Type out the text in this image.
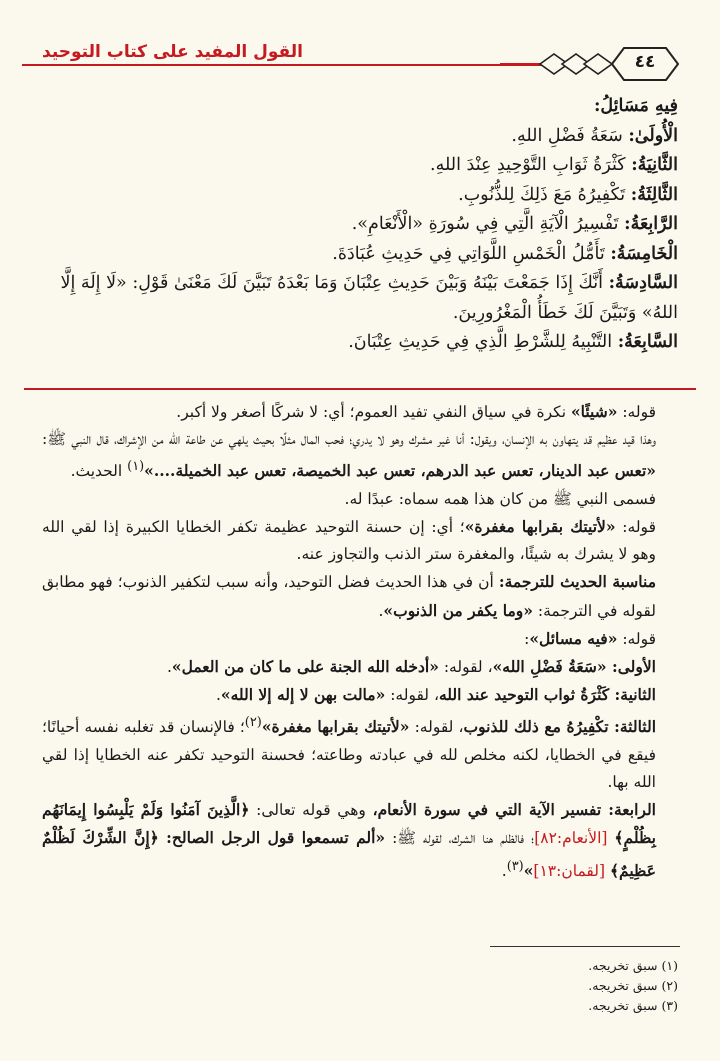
القول المفيد على كتاب التوحيد	٤٤

فِيهِ مَسَائِلُ:

الْأُولَىٰ: سَعَةُ فَضْلِ اللهِ.

الثَّانِيَةُ: كَثْرَةُ ثَوَابِ التَّوْحِيدِ عِنْدَ اللهِ.

الثَّالِثَةُ: تَكْفِيرُهُ مَعَ ذَلِكَ لِلذُّنُوبِ.

الرَّابِعَةُ: تَفْسِيرُ الْآيَةِ الَّتِي فِي سُورَةِ «الْأَنْعَامِ».

الْخَامِسَةُ: تَأَمُّلُ الْخَمْسِ اللَّوَاتِي فِي حَدِيثِ عُبَادَةَ.

السَّادِسَةُ: أَنَّكَ إِذَا جَمَعْتَ بَيْنَهُ وَبَيْنَ حَدِيثِ عِتْبَانَ وَمَا بَعْدَهُ تَبَيَّنَ لَكَ مَعْنَىٰ قَوْلِ: «لَا إِلَهَ إِلَّا اللهُ» وَتَبَيَّنَ لَكَ خَطَأُ الْمَغْرُورِينَ.

السَّابِعَةُ: التَّنْبِيهُ لِلشَّرْطِ الَّذِي فِي حَدِيثِ عِتْبَانَ.

قوله: «شيئًا» نكرة في سياق النفي تفيد العموم؛ أي: لا شركًا أصغر ولا أكبر.

وهذا قيد عظيم قد يتهاون به الإنسان، ويقول: أنا غير مشرك وهو لا يدري؛ فحب المال مثلًا بحيث يلهي عن طاعة الله من الإشراك، قال النبي ﷺ: «تعس عبد الدينار، تعس عبد الدرهم، تعس عبد الخميصة، تعس عبد الخميلة....»$^{(١)}$ الحديث.

فسمى النبي ﷺ من كان هذا همه سماه: عبدًا له.

قوله: «لأتيتك بقرابها مغفرة»؛ أي: إن حسنة التوحيد عظيمة تكفر الخطايا الكبيرة إذا لقي الله وهو لا يشرك به شيئًا، والمغفرة ستر الذنب والتجاوز عنه.

مناسبة الحديث للترجمة: أن في هذا الحديث فضل التوحيد، وأنه سبب لتكفير الذنوب؛ فهو مطابق لقوله في الترجمة: «وما يكفر من الذنوب».

قوله: «فيه مسائل»:

الأولى: «سَعَةُ فَضْلِ الله»، لقوله: «أدخله الله الجنة على ما كان من العمل».

الثانية: كَثْرَةُ ثواب التوحيد عند الله، لقوله: «مالت بهن لا إله إلا الله».

الثالثة: تكْفِيرُهُ مع ذلك للذنوب، لقوله: «لأتيتك بقرابها مغفرة»$^{(٢)}$؛ فالإنسان قد تغلبه نفسه أحيانًا؛ فيقع في الخطايا، لكنه مخلص لله في عبادته وطاعته؛ فحسنة التوحيد تكفر عنه الخطايا إذا لقي الله بها.

الرابعة: تفسير الآية التي في سورة الأنعام، وهي قوله تعالى: ﴿الَّذِينَ آمَنُوا وَلَمْ يَلْبِسُوا إِيمَانَهُم بِظُلْمٍ﴾ [الأنعام:٨٢]؛ فالظلم هنا الشرك، لقوله ﷺ: «ألم تسمعوا قول الرجل الصالح: ﴿إِنَّ الشِّرْكَ لَظُلْمٌ عَظِيمٌ﴾ [لقمان:١٣]»$^{(٣)}$.

(١) سبق تخريجه.

(٢) سبق تخريجه.

(٣) سبق تخريجه.
